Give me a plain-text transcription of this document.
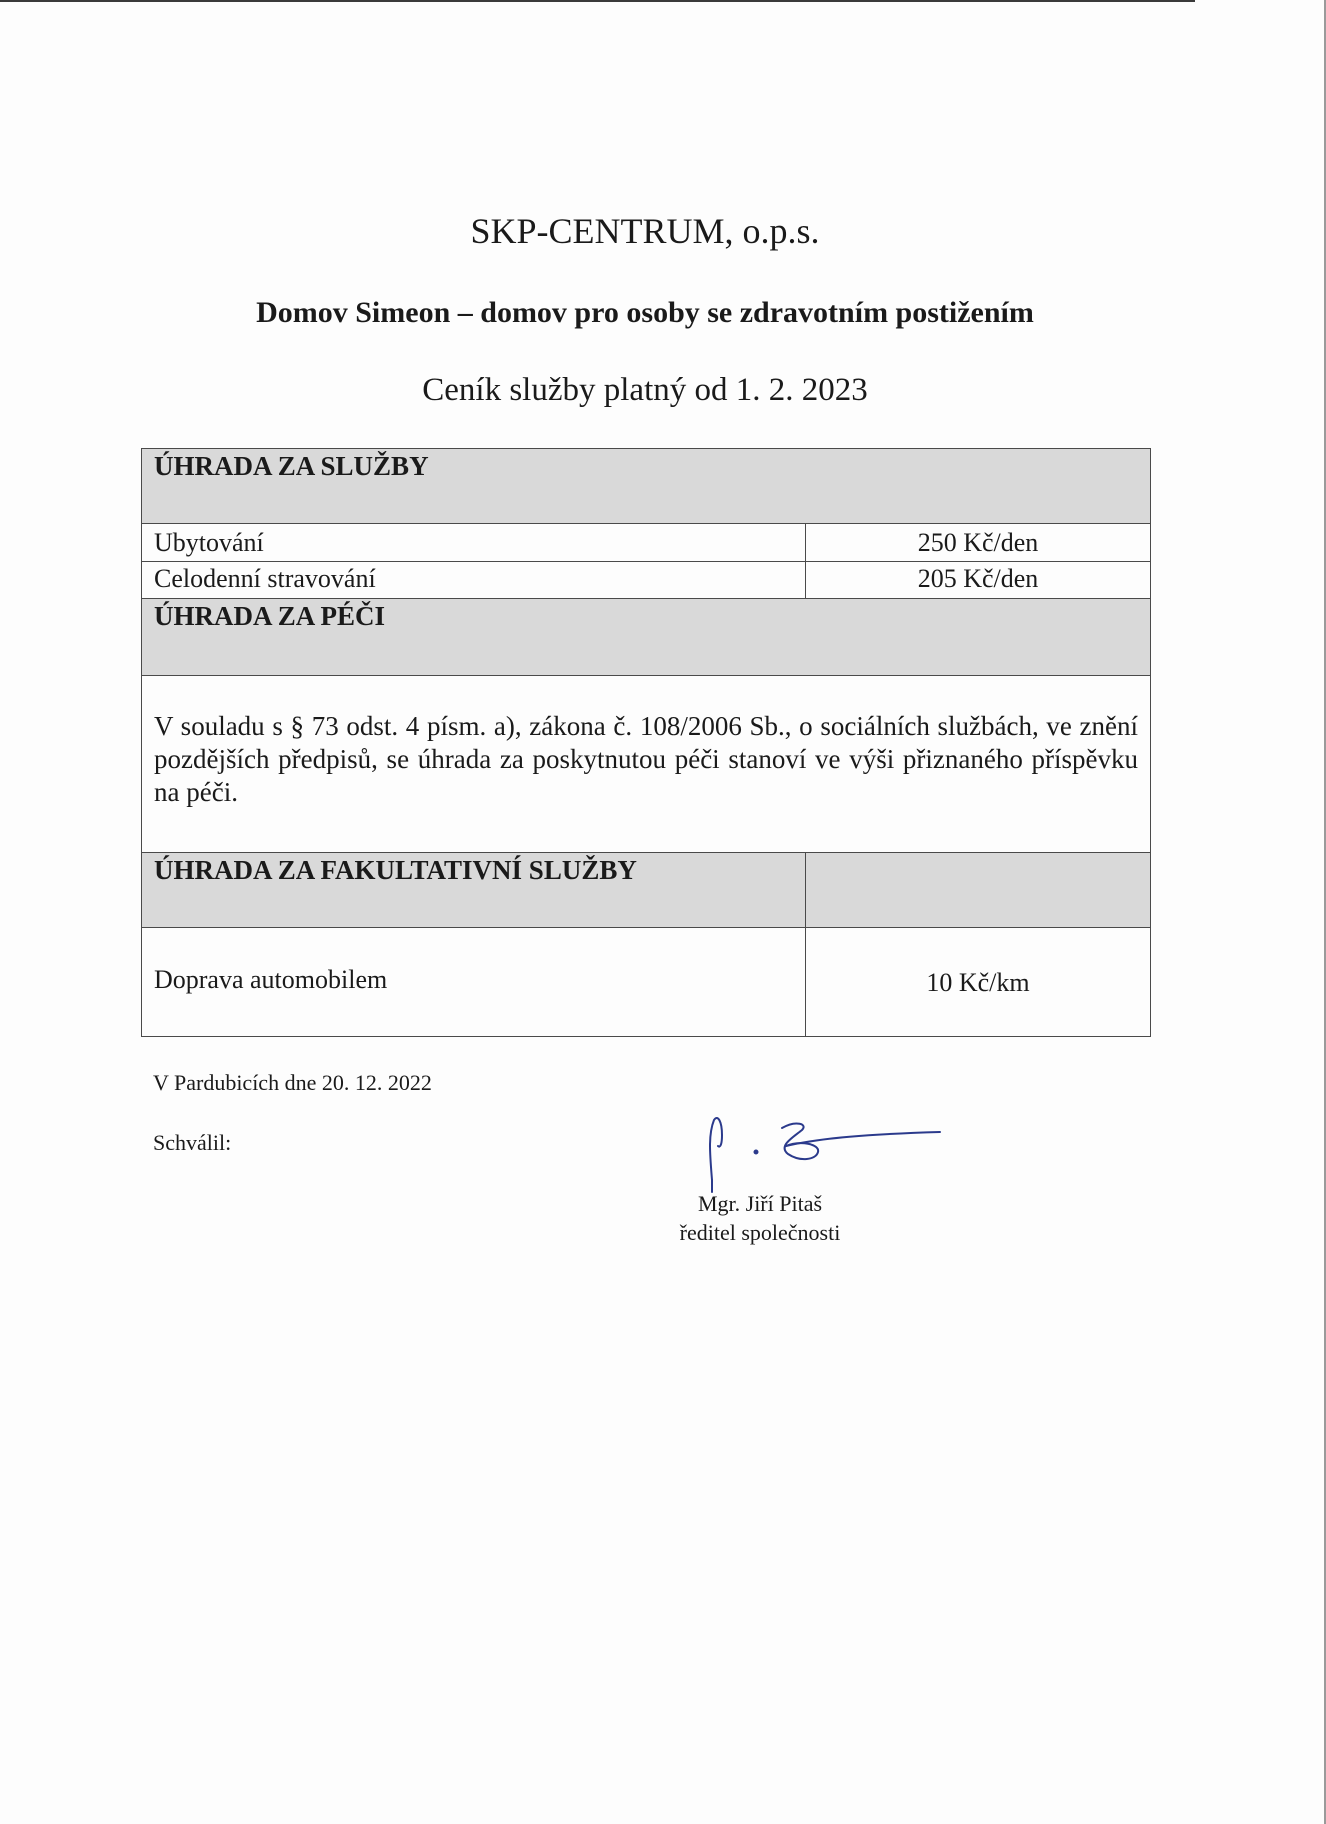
SKP-CENTRUM, o.p.s.
Domov Simeon – domov pro osoby se zdravotním postižením
Ceník služby platný od 1. 2. 2023
ÚHRADA ZA SLUŽBY
Ubytování	250 Kč/den
Celodenní stravování	205 Kč/den
ÚHRADA ZA PÉČI
V souladu s § 73 odst. 4 písm. a), zákona č. 108/2006 Sb., o sociálních službách, ve znění pozdějších předpisů, se úhrada za poskytnutou péči stanoví ve výši přiznaného příspěvku na péči.
ÚHRADA ZA FAKULTATIVNÍ SLUŽBY
Doprava automobilem	10 Kč/km
V Pardubicích dne 20. 12. 2022
Schválil:
Mgr. Jiří Pitaš
ředitel společnosti
